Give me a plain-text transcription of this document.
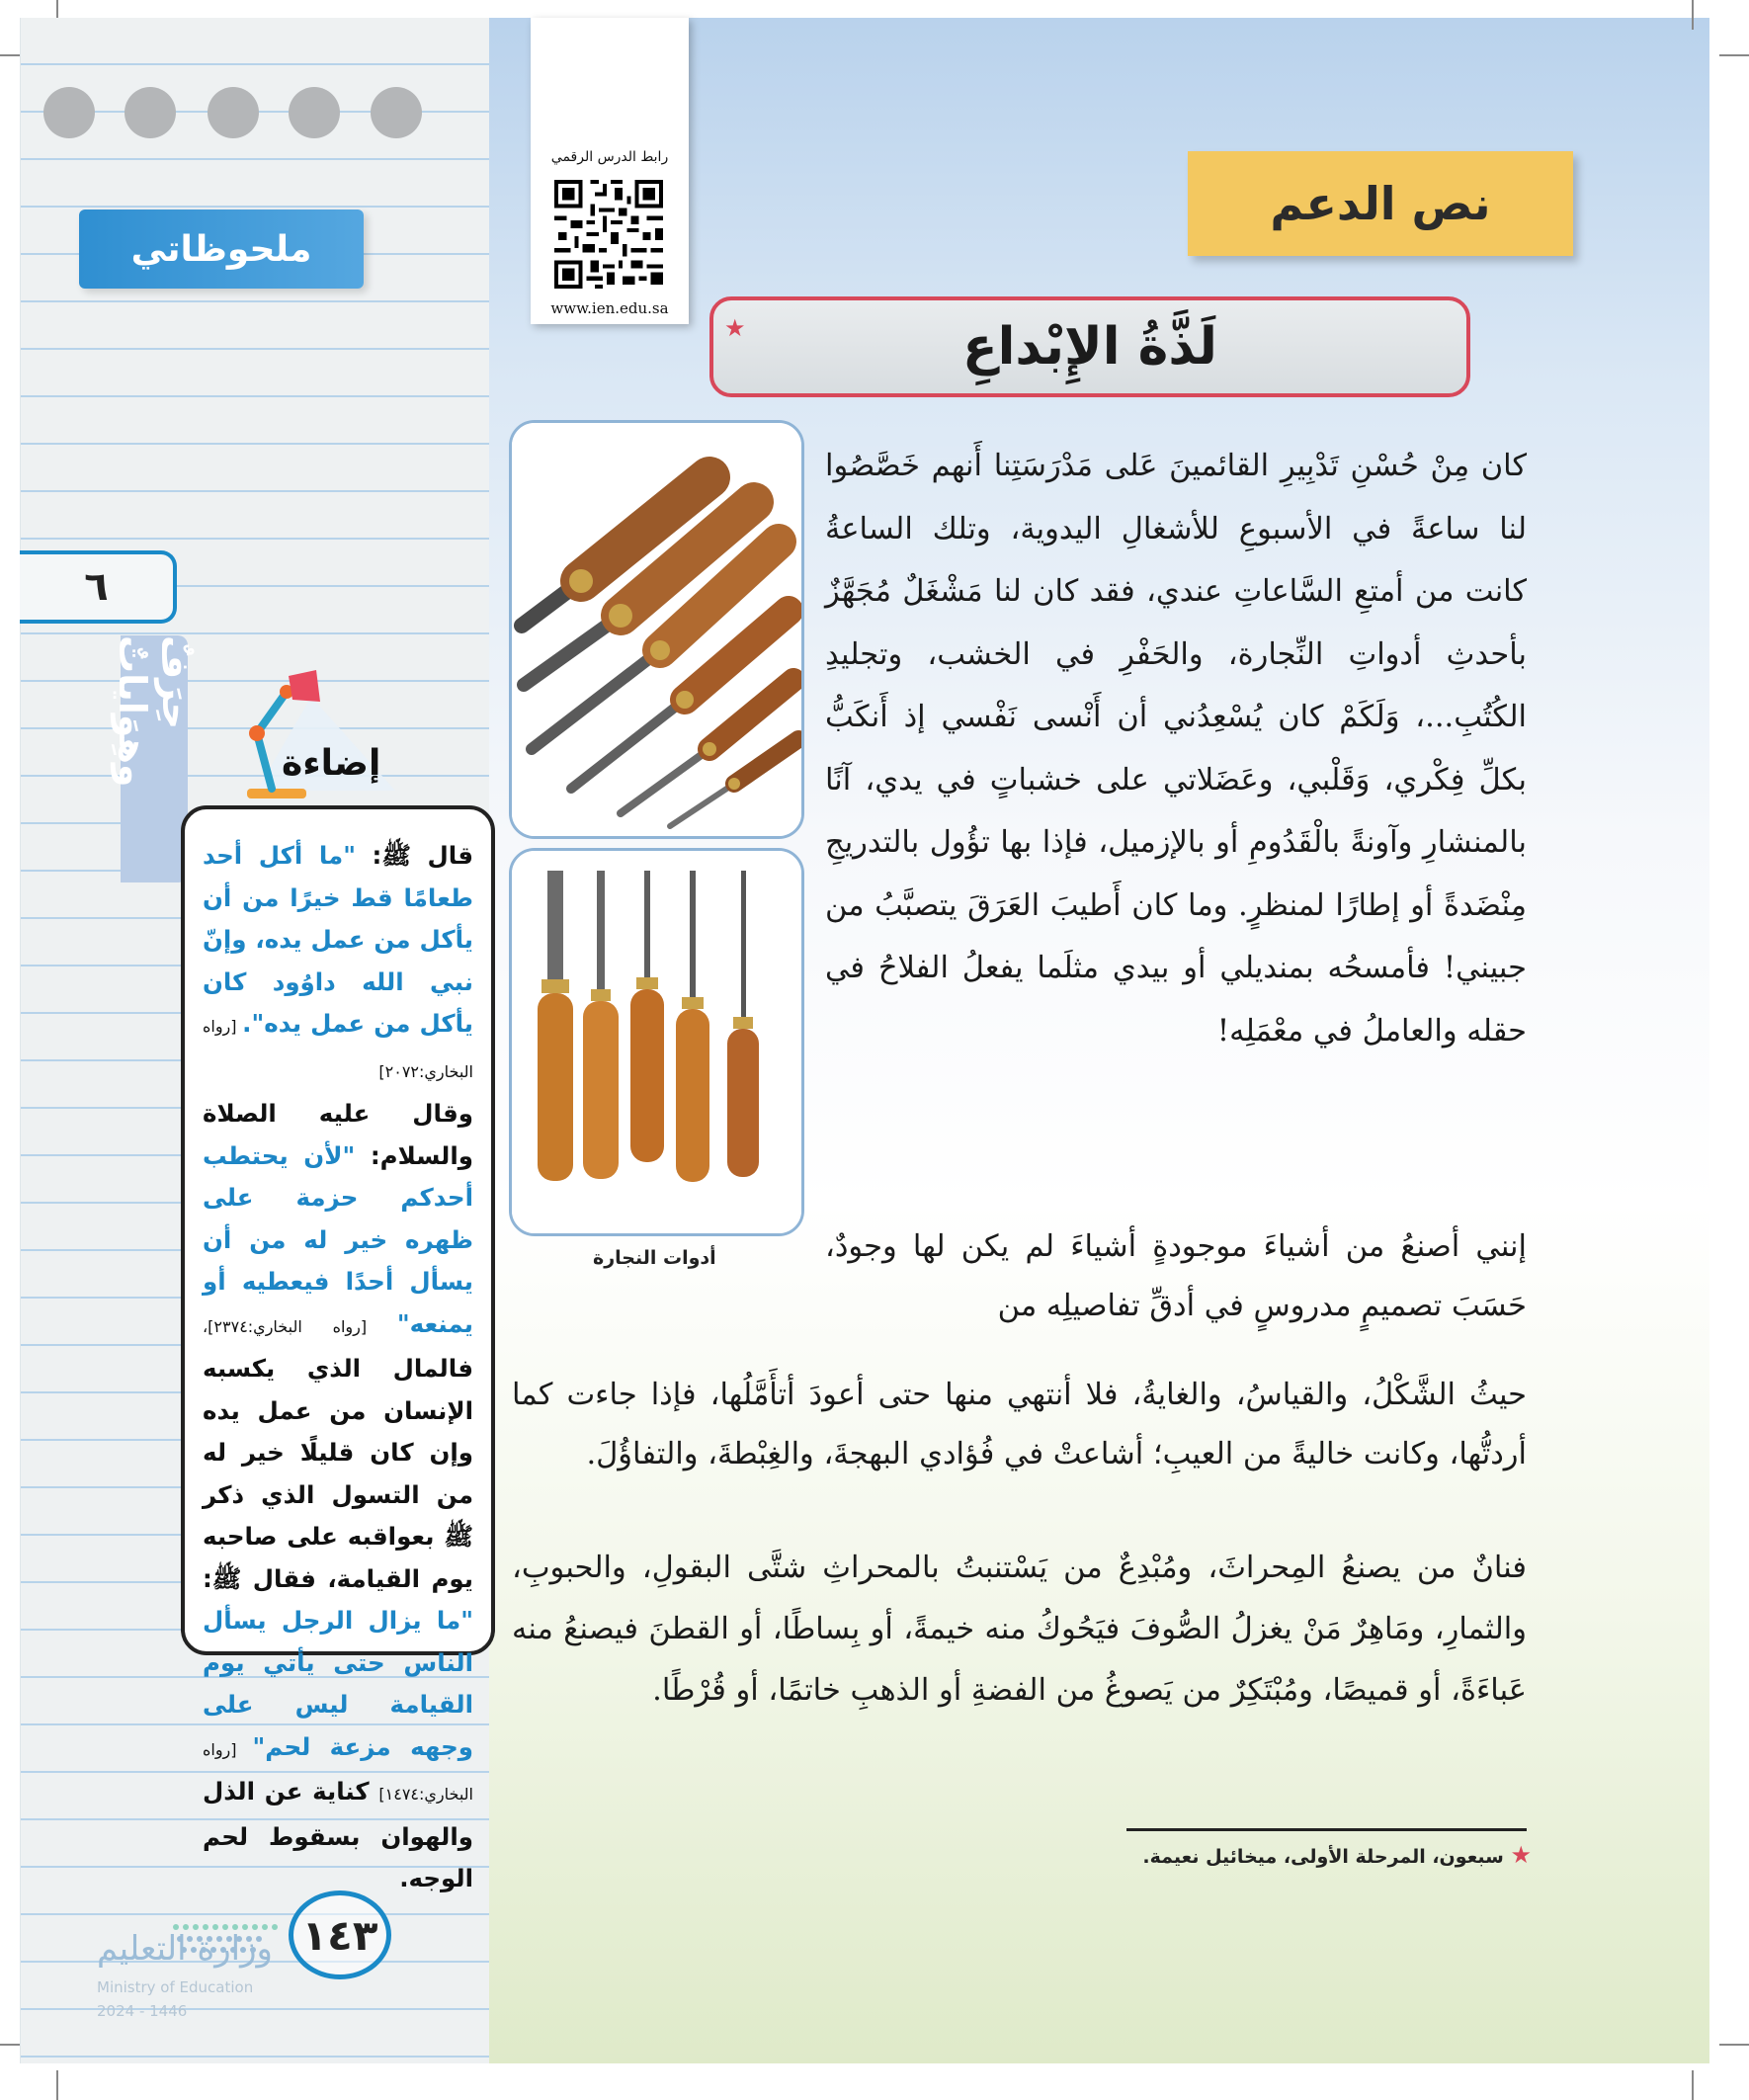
ملحوظاتي
٦
حِرَفٌ وهِوَاياتٌ	إضاءة
قال ﷺ: "ما أكل أحد طعامًا قط خيرًا من أن يأكل من عمل يده، وإنّ نبي الله داوُود كان يأكل من عمل يده". [رواه البخاري:٢٠٧٢]
وقال عليه الصلاة والسلام: "لأن يحتطب أحدكم حزمة على ظهره خير له من أن يسأل أحدًا فيعطيه أو يمنعه" [رواه البخاري:٢٣٧٤]، فالمال الذي يكسبه الإنسان من عمل يده وإن كان قليلًا خير له من التسول الذي ذكر ﷺ بعواقبه على صاحبه يوم القيامة، فقال ﷺ: "ما يزال الرجل يسأل الناس حتى يأتي يوم القيامة ليس على وجهه مزعة لحم" [رواه البخاري:١٤٧٤] كناية عن الذل والهوان بسقوط لحم الوجه.
١٤٣
وزارة التعليم
Ministry of Education
2024 - 1446
رابط الدرس الرقمي
www.ien.edu.sa
نص الدعم
لَذَّةُ الإِبْداعِ
★
أدوات النجارة

كان مِنْ حُسْنِ تَدْبِيرِ القائمينَ عَلى مَدْرَسَتِنا أَنهم خَصَّصُوا لنا ساعةً في الأسبوعِ للأشغالِ اليدوية، وتلك الساعةُ كانت من أمتعِ السَّاعاتِ عندي، فقد كان لنا مَشْغَلٌ مُجَهَّزٌ بأحدثِ أدواتِ النِّجارة، والحَفْرِ في الخشب، وتجليدِ الكُتُبِ...، وَلَكَمْ كان يُسْعِدُني أن أَنْسى نَفْسي إذ أَنكَبُّ بكلِّ فِكْري، وَقَلْبي، وعَضَلاتي على خشباتٍ في يدي، آنًا بالمنشارِ وآونةً بالْقَدُومِ أو بالإزميل، فإذا بها تؤُول بالتدريجِ مِنْضَدةً أو إطارًا لمنظرٍ. وما كان أَطيبَ العَرَقَ يتصبَّبُ من جبيني! فأمسحُه بمنديلي أو بيدي مثلَما يفعلُ الفلاحُ في حقله والعاملُ في معْمَلِه!

إنني أصنعُ من أشياءَ موجودةٍ أشياءَ لم يكن لها وجودٌ، حَسَبَ تصميمٍ مدروسٍ في أدقِّ تفاصيلِه من

حيثُ الشَّكْلُ، والقياسُ، والغايةُ، فلا أنتهي منها حتى أعودَ أتأَمَّلُها، فإذا جاءت كما أردتُّها، وكانت خاليةً من العيبِ؛ أشاعتْ في فُؤادي البهجةَ، والغِبْطةَ، والتفاؤُلَ.

فنانٌ من يصنعُ المِحراثَ، ومُبْدِعٌ من يَسْتنبتُ بالمحراثِ شتَّى البقولِ، والحبوبِ، والثمارِ، ومَاهِرٌ مَنْ يغزلُ الصُّوفَ فيَحُوكُ منه خيمةً، أو بِساطًا، أو القطنَ فيصنعُ منه عَباءَةً، أو قميصًا، ومُبْتَكِرٌ من يَصوغُ من الفضةِ أو الذهبِ خاتمًا، أو قُرْطًا.

★ سبعون، المرحلة الأولى، ميخائيل نعيمة.
